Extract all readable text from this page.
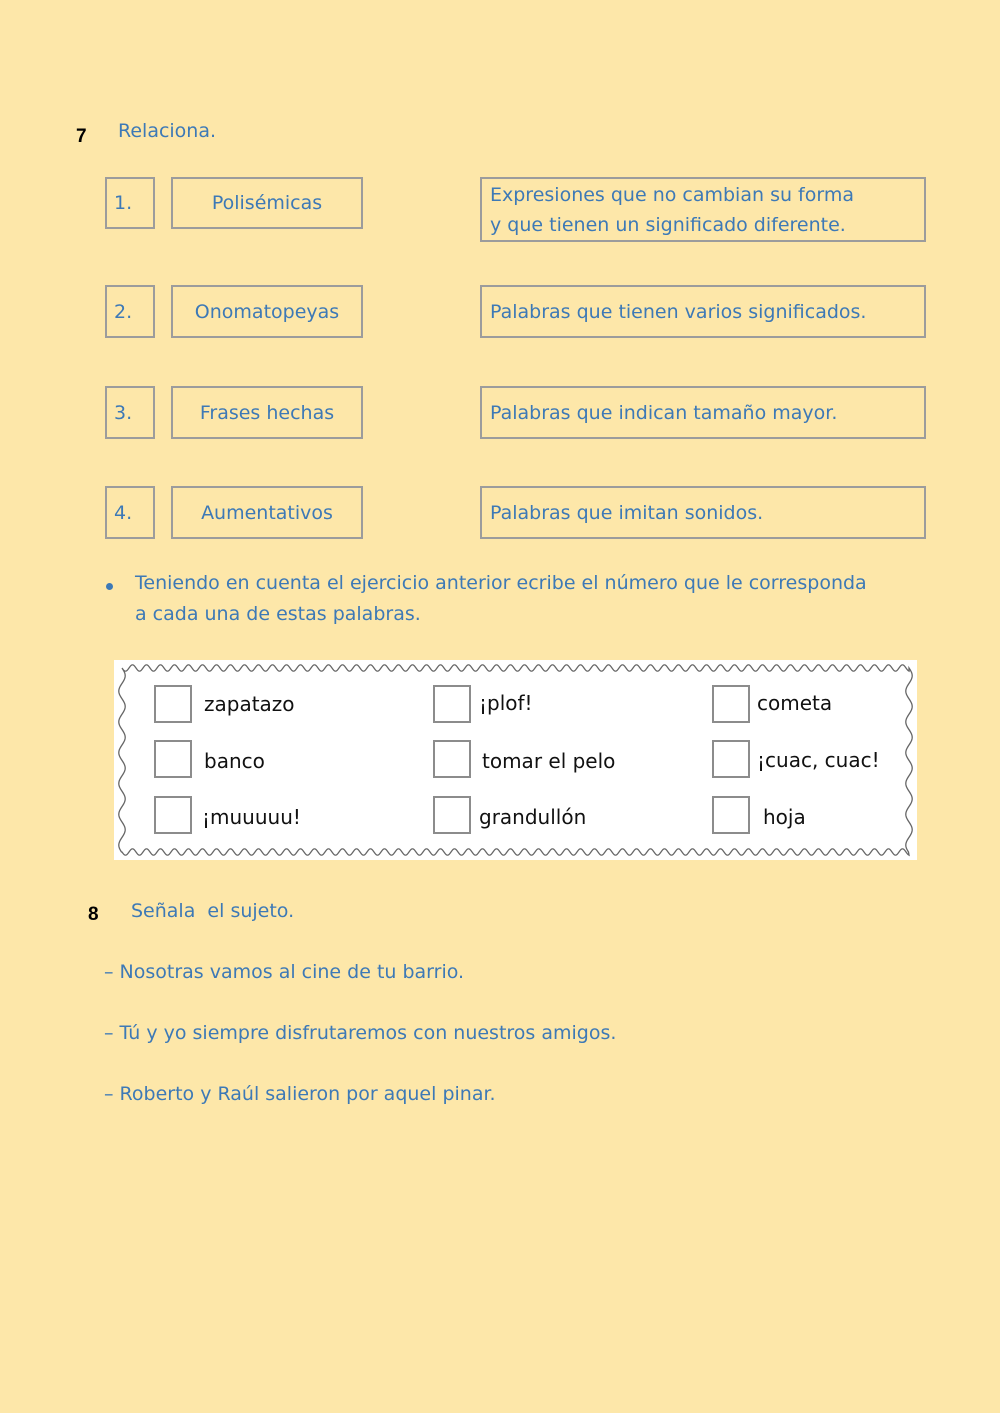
7 Relaciona.
1.	Polisémicas	Expresiones que no cambian su forma
y que tienen un significado diferente.
2.	Onomatopeyas	Palabras que tienen varios significados.
3.	Frases hechas	Palabras que indican tamaño mayor.
4.	Aumentativos	Palabras que imitan sonidos.
Teniendo en cuenta el ejercicio anterior ecribe el número que le corresponda
a cada una de estas palabras.
zapatazo	¡plof!	cometa
banco	tomar el pelo	¡cuac, cuac!
¡muuuuu!	grandullón	hoja
8 Señala  el sujeto.
– Nosotras vamos al cine de tu barrio.
– Tú y yo siempre disfrutaremos con nuestros amigos.
– Roberto y Raúl salieron por aquel pinar.
